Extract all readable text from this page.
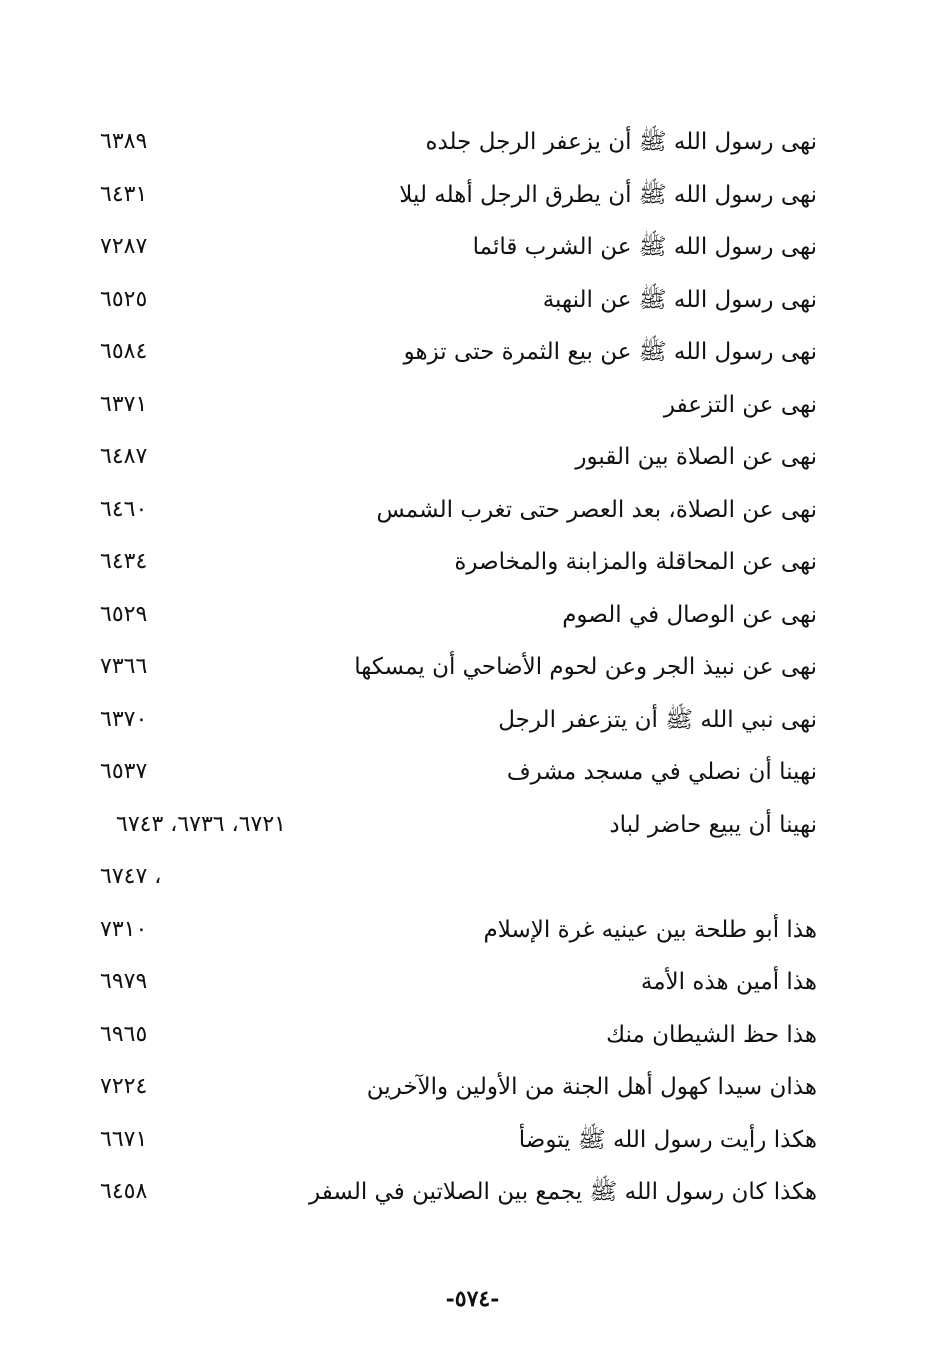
نهى رسول الله ﷺ أن يزعفر الرجل جلده
٦٣٨٩
نهى رسول الله ﷺ أن يطرق الرجل أهله ليلا
٦٤٣١
نهى رسول الله ﷺ عن الشرب قائما
٧٢٨٧
نهى رسول الله ﷺ عن النهبة
٦٥٢٥
نهى رسول الله ﷺ عن بيع الثمرة حتى تزهو
٦٥٨٤
نهى عن التزعفر
٦٣٧١
نهى عن الصلاة بين القبور
٦٤٨٧
نهى عن الصلاة، بعد العصر حتى تغرب الشمس
٦٤٦٠
نهى عن المحاقلة والمزابنة والمخاصرة
٦٤٣٤
نهى عن الوصال في الصوم
٦٥٢٩
نهى عن نبيذ الجر وعن لحوم الأضاحي أن يمسكها
٧٣٦٦
نهى نبي الله ﷺ أن يتزعفر الرجل
٦٣٧٠
نهينا أن نصلي في مسجد مشرف
٦٥٣٧
نهينا أن يبيع حاضر لباد
٦٧٢١، ٦٧٣٦، ٦٧٤٣
، ٦٧٤٧
هذا أبو طلحة بين عينيه غرة الإسلام
٧٣١٠
هذا أمين هذه الأمة
٦٩٧٩
هذا حظ الشيطان منك
٦٩٦٥
هذان سيدا كهول أهل الجنة من الأولين والآخرين
٧٢٢٤
هكذا رأيت رسول الله ﷺ يتوضأ
٦٦٧١
هكذا كان رسول الله ﷺ يجمع بين الصلاتين في السفر
٦٤٥٨
-٥٧٤-
